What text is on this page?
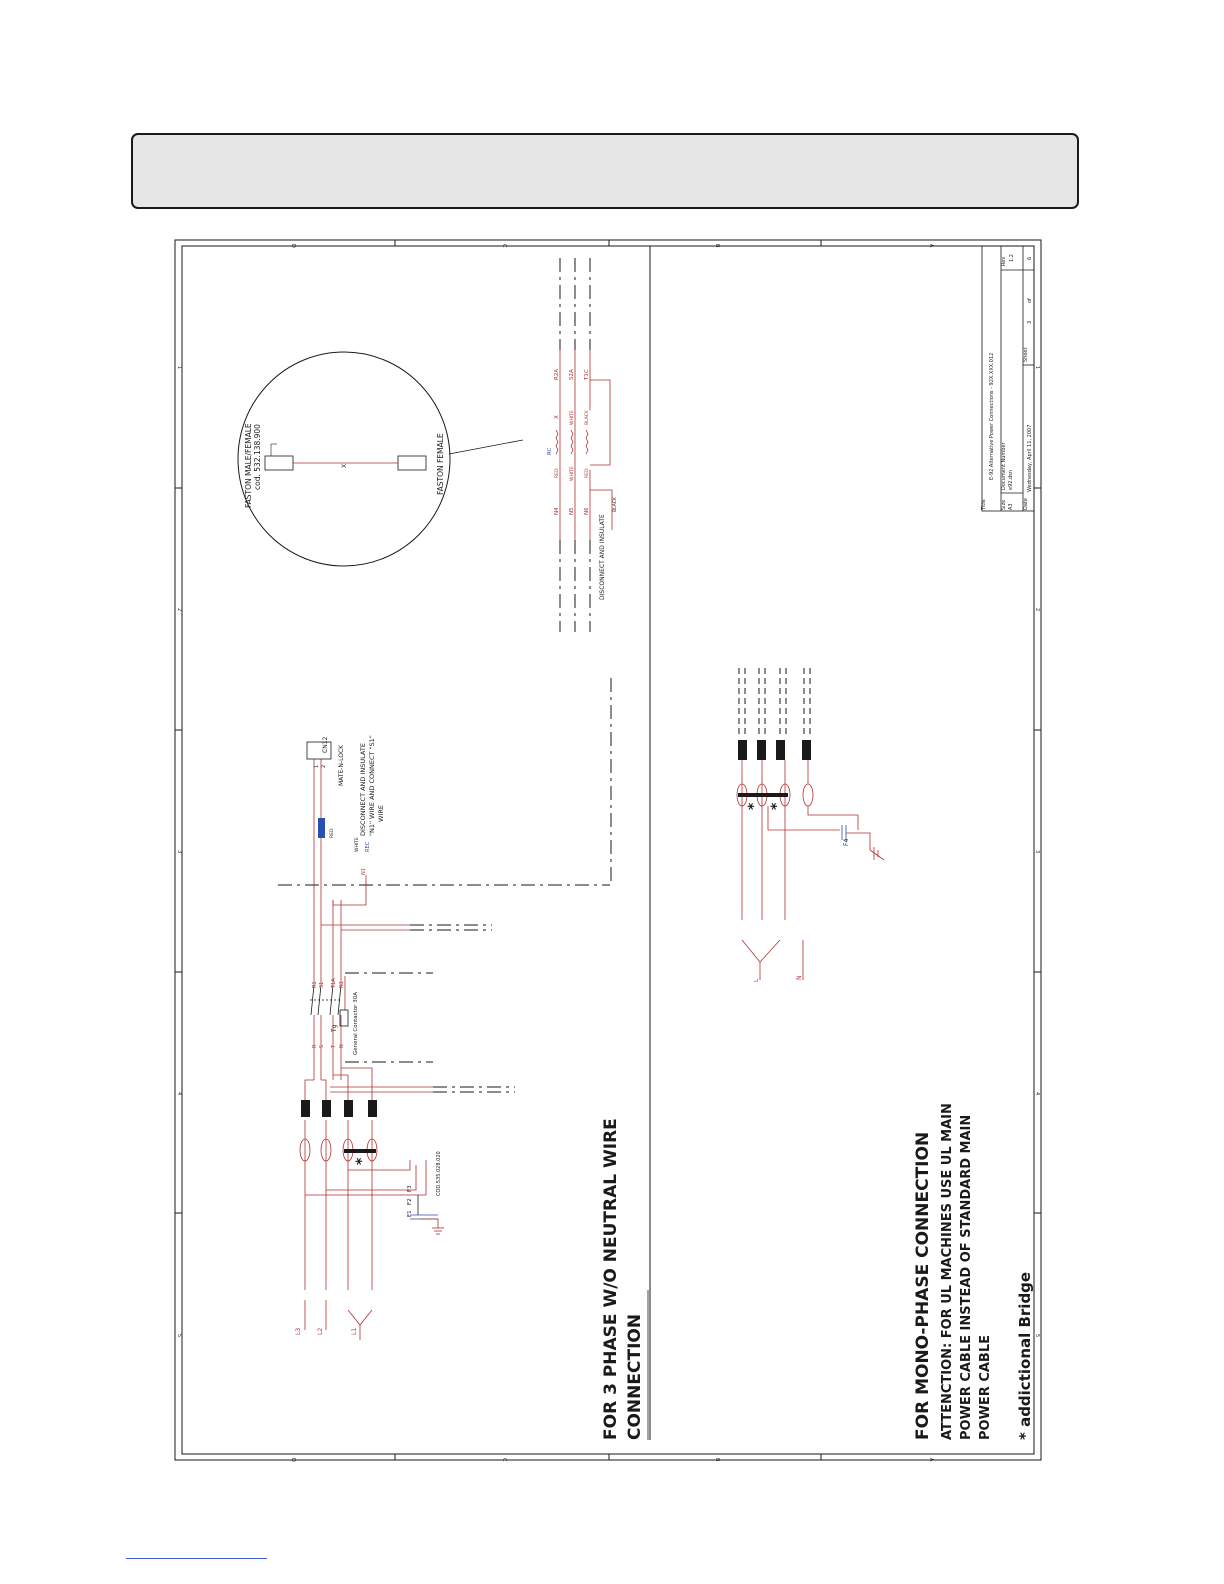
D	C	B	A
D	C	B	A
1
2
3
4
5
1
2
3
4
5
Title
E-92 Alternative Power Connections - 92X.XXX.012
Size A3
Document Number e92.dsn
Rev 1.2
Date
Wednesday, April 11, 2007
Sheet
3
of
6
FASTON MALE/FEMALE cod. 532.138.900	FASTON FEMALE
X
RC
N4 N5 N6
RED WHITE RED
WHITE BLACK
X
R2A S2A T1C
BLACK
DISCONNECT AND INSULATE
CN12
1 2 MATE-N-LOCK DISCONNECT AND INSULATE "N1" WIRE AND CONNECT "S1" WIRE
WHITE
RED
REC
N1
Tg	General Contactor 30A
R S T N
R1 S1 T1A N1
COD.535.028.020
F1
F2
F3
L3	L2	L1
*	FOR 3 PHASE W/O NEUTRAL WIRE CONNECTION
F4
L
N
* *
FOR MONO-PHASE CONNECTION ATTENCTION: FOR UL MACHINES USE UL MAIN POWER CABLE INSTEAD OF STANDARD MAIN POWER CABLE * addictional Bridge
